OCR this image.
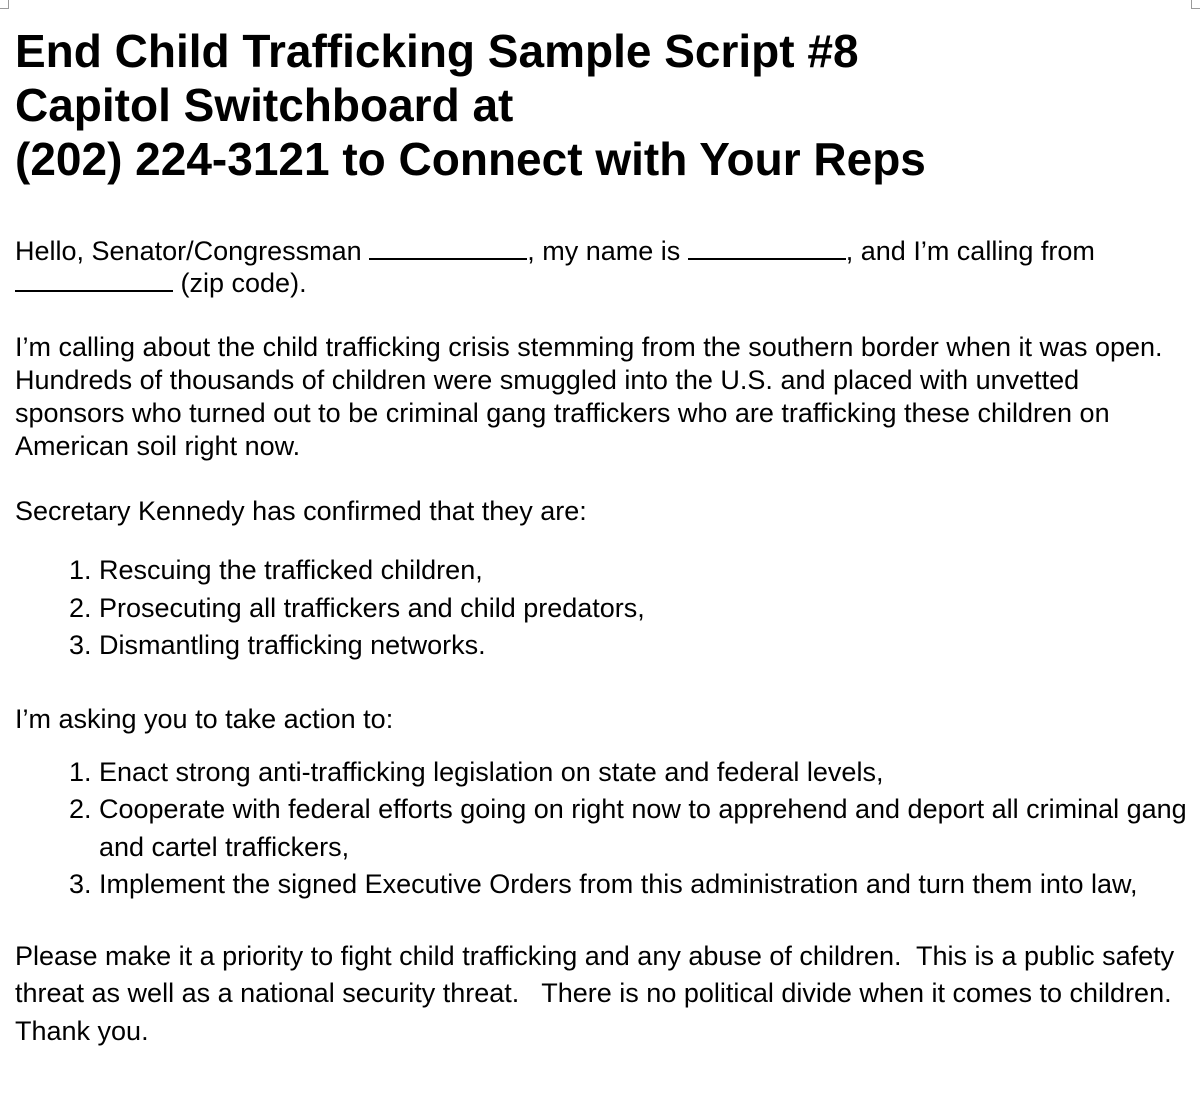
End Child Trafficking Sample Script #8
Capitol Switchboard at
(202) 224-3121 to Connect with Your Reps

Hello, Senator/Congressman	, my name is	, and I’m calling from  (zip code).

I’m calling about the child trafficking crisis stemming from the southern border when it was open. Hundreds of thousands of children were smuggled into the U.S. and placed with unvetted sponsors who turned out to be criminal gang traffickers who are trafficking these children on American soil right now.

Secretary Kennedy has confirmed that they are:

1. Rescuing the trafficked children,
2. Prosecuting all traffickers and child predators,
3. Dismantling trafficking networks.

I’m asking you to take action to:

1. Enact strong anti-trafficking legislation on state and federal levels,
2. Cooperate with federal efforts going on right now to apprehend and deport all criminal gang and cartel traffickers,
3. Implement the signed Executive Orders from this administration and turn them into law,

Please make it a priority to fight child trafficking and any abuse of children.  This is a public safety threat as well as a national security threat.   There is no political divide when it comes to children.   Thank you.
